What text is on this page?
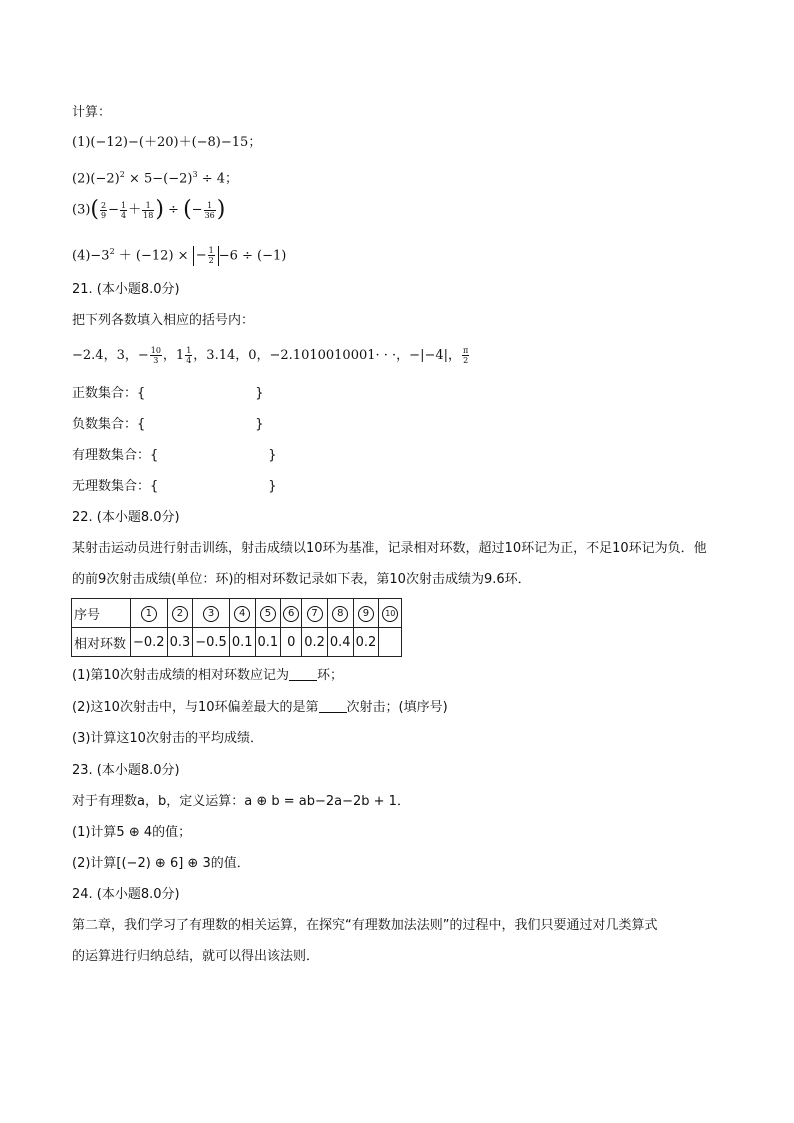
计算：
(1)(−12)−(＋20)＋(−8)−15；
$(2)(-2)^2 \times 5-(-2)^3 \div 4$；
$(3)( \frac{2}{9} - \frac{1}{4} + \frac{1}{18}$ ) ÷ (− $\frac{1}{36}$ )
$(4)-3^2 + (-12)$ × − $\frac{1}{2} -6 \div (-1)$
21. (本小题8.0分)
把下列各数填入相应的括号内：
−2.4，3，− $\frac{10}{3}$ ，$1 \frac{1}{4}$ ，3.14，0，−2.1010010001· · ·，−|−4|， $\frac{\pi}{2}$
正数集合：{	}
负数集合：{	}
有理数集合：{	}
无理数集合：{	}
22. (本小题8.0分)
某射击运动员进行射击训练，射击成绩以10环为基准，记录相对环数，超过10环记为正，不足10环记为负．他
的前9次射击成绩(单位：环)的相对环数记录如下表，第10次射击成绩为9.6环．
序号	1	2	3	4	5	6	7	8	9	10
相对环数	−0.2	0.3	−0.5	0.1	0.1	0	0.2	0.4	0.2	
(1)第10次射击成绩的相对环数应记为 环；
(2)这10次射击中，与10环偏差最大的是第 次射击；(填序号)
(3)计算这10次射击的平均成绩．
23. (本小题8.0分)
对于有理数a，b，定义运算：a ⊕ b = ab−2a−2b + 1．
(1)计算5 ⊕ 4的值；
(2)计算[(−2) ⊕ 6] ⊕ 3的值．
24. (本小题8.0分)
第二章，我们学习了有理数的相关运算，在探究“有理数加法法则”的过程中，我们只要通过对几类算式
的运算进行归纳总结，就可以得出该法则．
